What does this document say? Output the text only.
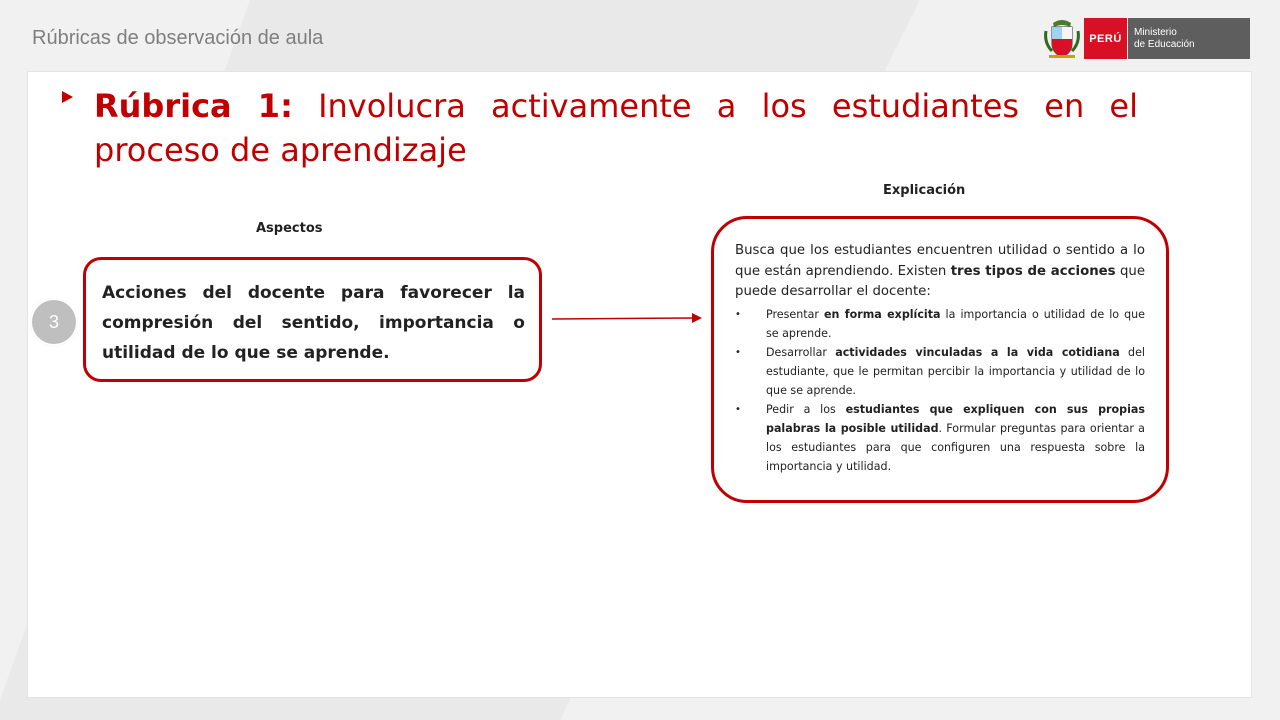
Rúbricas de observación de aula	PERÚ	Ministerio
de Educación
Rúbrica 1: Involucra activamente a los estudiantes en el proceso de aprendizaje
Explicación
Aspectos
3

Acciones del docente para favorecer la compresión del sentido, importancia o utilidad de lo que se aprende.

Busca que los estudiantes encuentren utilidad o sentido a lo que están aprendiendo. Existen tres tipos de acciones que puede desarrollar el docente:

• Presentar en forma explícita la importancia o utilidad de lo que se aprende.
• Desarrollar actividades vinculadas a la vida cotidiana del estudiante, que le permitan percibir la importancia y utilidad de lo que se aprende.
• Pedir a los estudiantes que expliquen con sus propias palabras la posible utilidad. Formular preguntas para orientar a los estudiantes para que configuren una respuesta sobre la importancia y utilidad.
